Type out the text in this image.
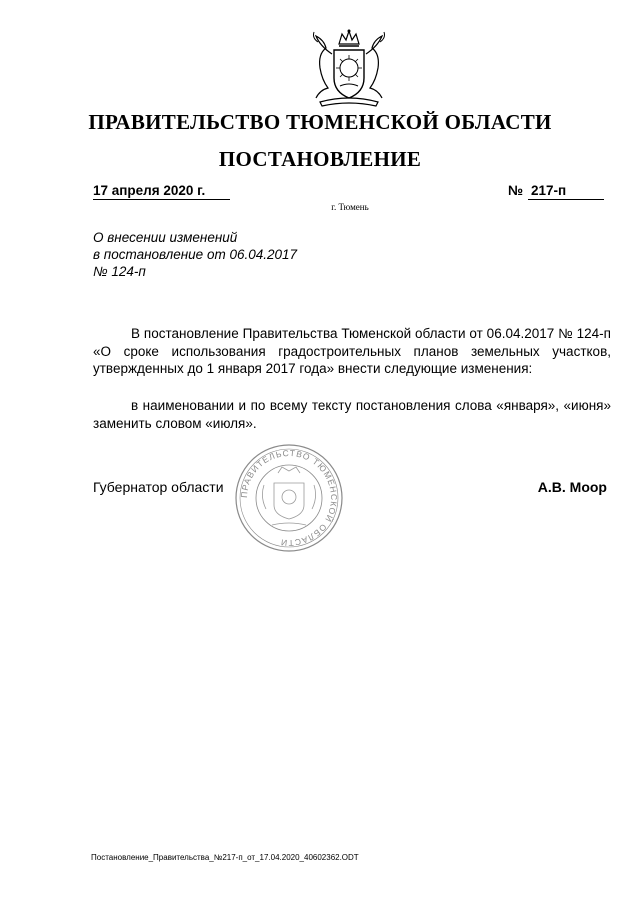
ПРАВИТЕЛЬСТВО ТЮМЕНСКОЙ ОБЛАСТИ
ПОСТАНОВЛЕНИЕ
17 апреля 2020 г.	№ 217-п
г. Тюмень
О внесении изменений
в постановление от 06.04.2017
№ 124-п
В постановление Правительства Тюменской области от 06.04.2017 № 124-п «О сроке использования градостроительных планов земельных участков, утвержденных до 1 января 2017 года» внести следующие изменения:
в наименовании и по всему тексту постановления слова «января», «июня» заменить словом «июля».
ПРАВИТЕЛЬСТВО ТЮМЕНСКОЙ ОБЛАСТИ
Губернатор области	А.В. Моор
Постановление_Правительства_№217-п_от_17.04.2020_40602362.ODT
